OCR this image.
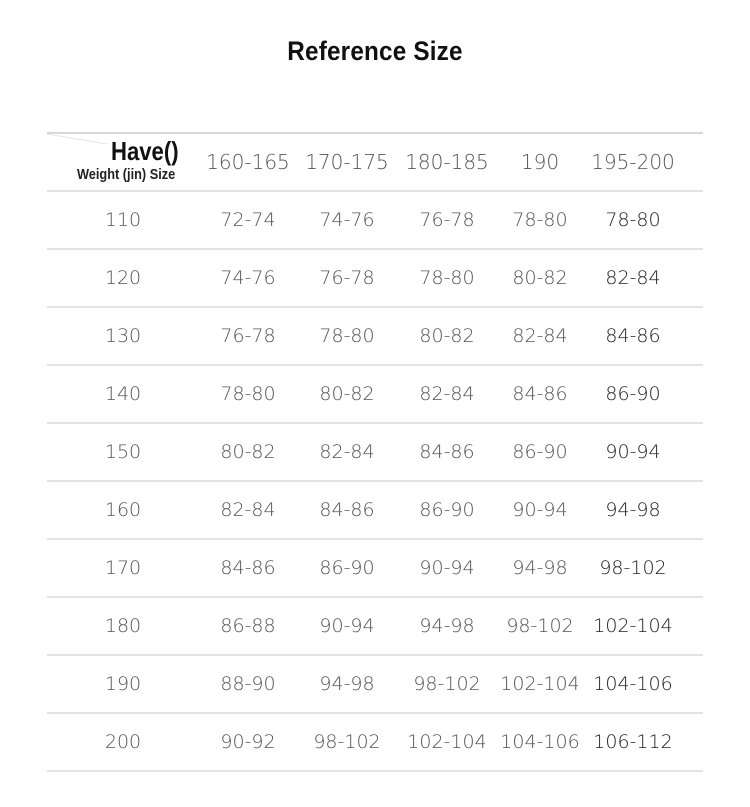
Reference Size
Have()
Weight (jin) Size
160-165 170-175 180-185	190	195-200
110	72-74	74-76	76-78	78-80	78-80
120	74-76	76-78	78-80	80-82	82-84
130	76-78	78-80	80-82	82-84	84-86
140	78-80	80-82	82-84	84-86	86-90
150	80-82	82-84	84-86	86-90	90-94
160	82-84	84-86	86-90	90-94	94-98
170	84-86	86-90	90-94	94-98	98-102
180	86-88	90-94	94-98	98-102	102-104
190	88-90	94-98	98-102	102-104 104-106
200	90-92	98-102	102-104 104-106 106-112
